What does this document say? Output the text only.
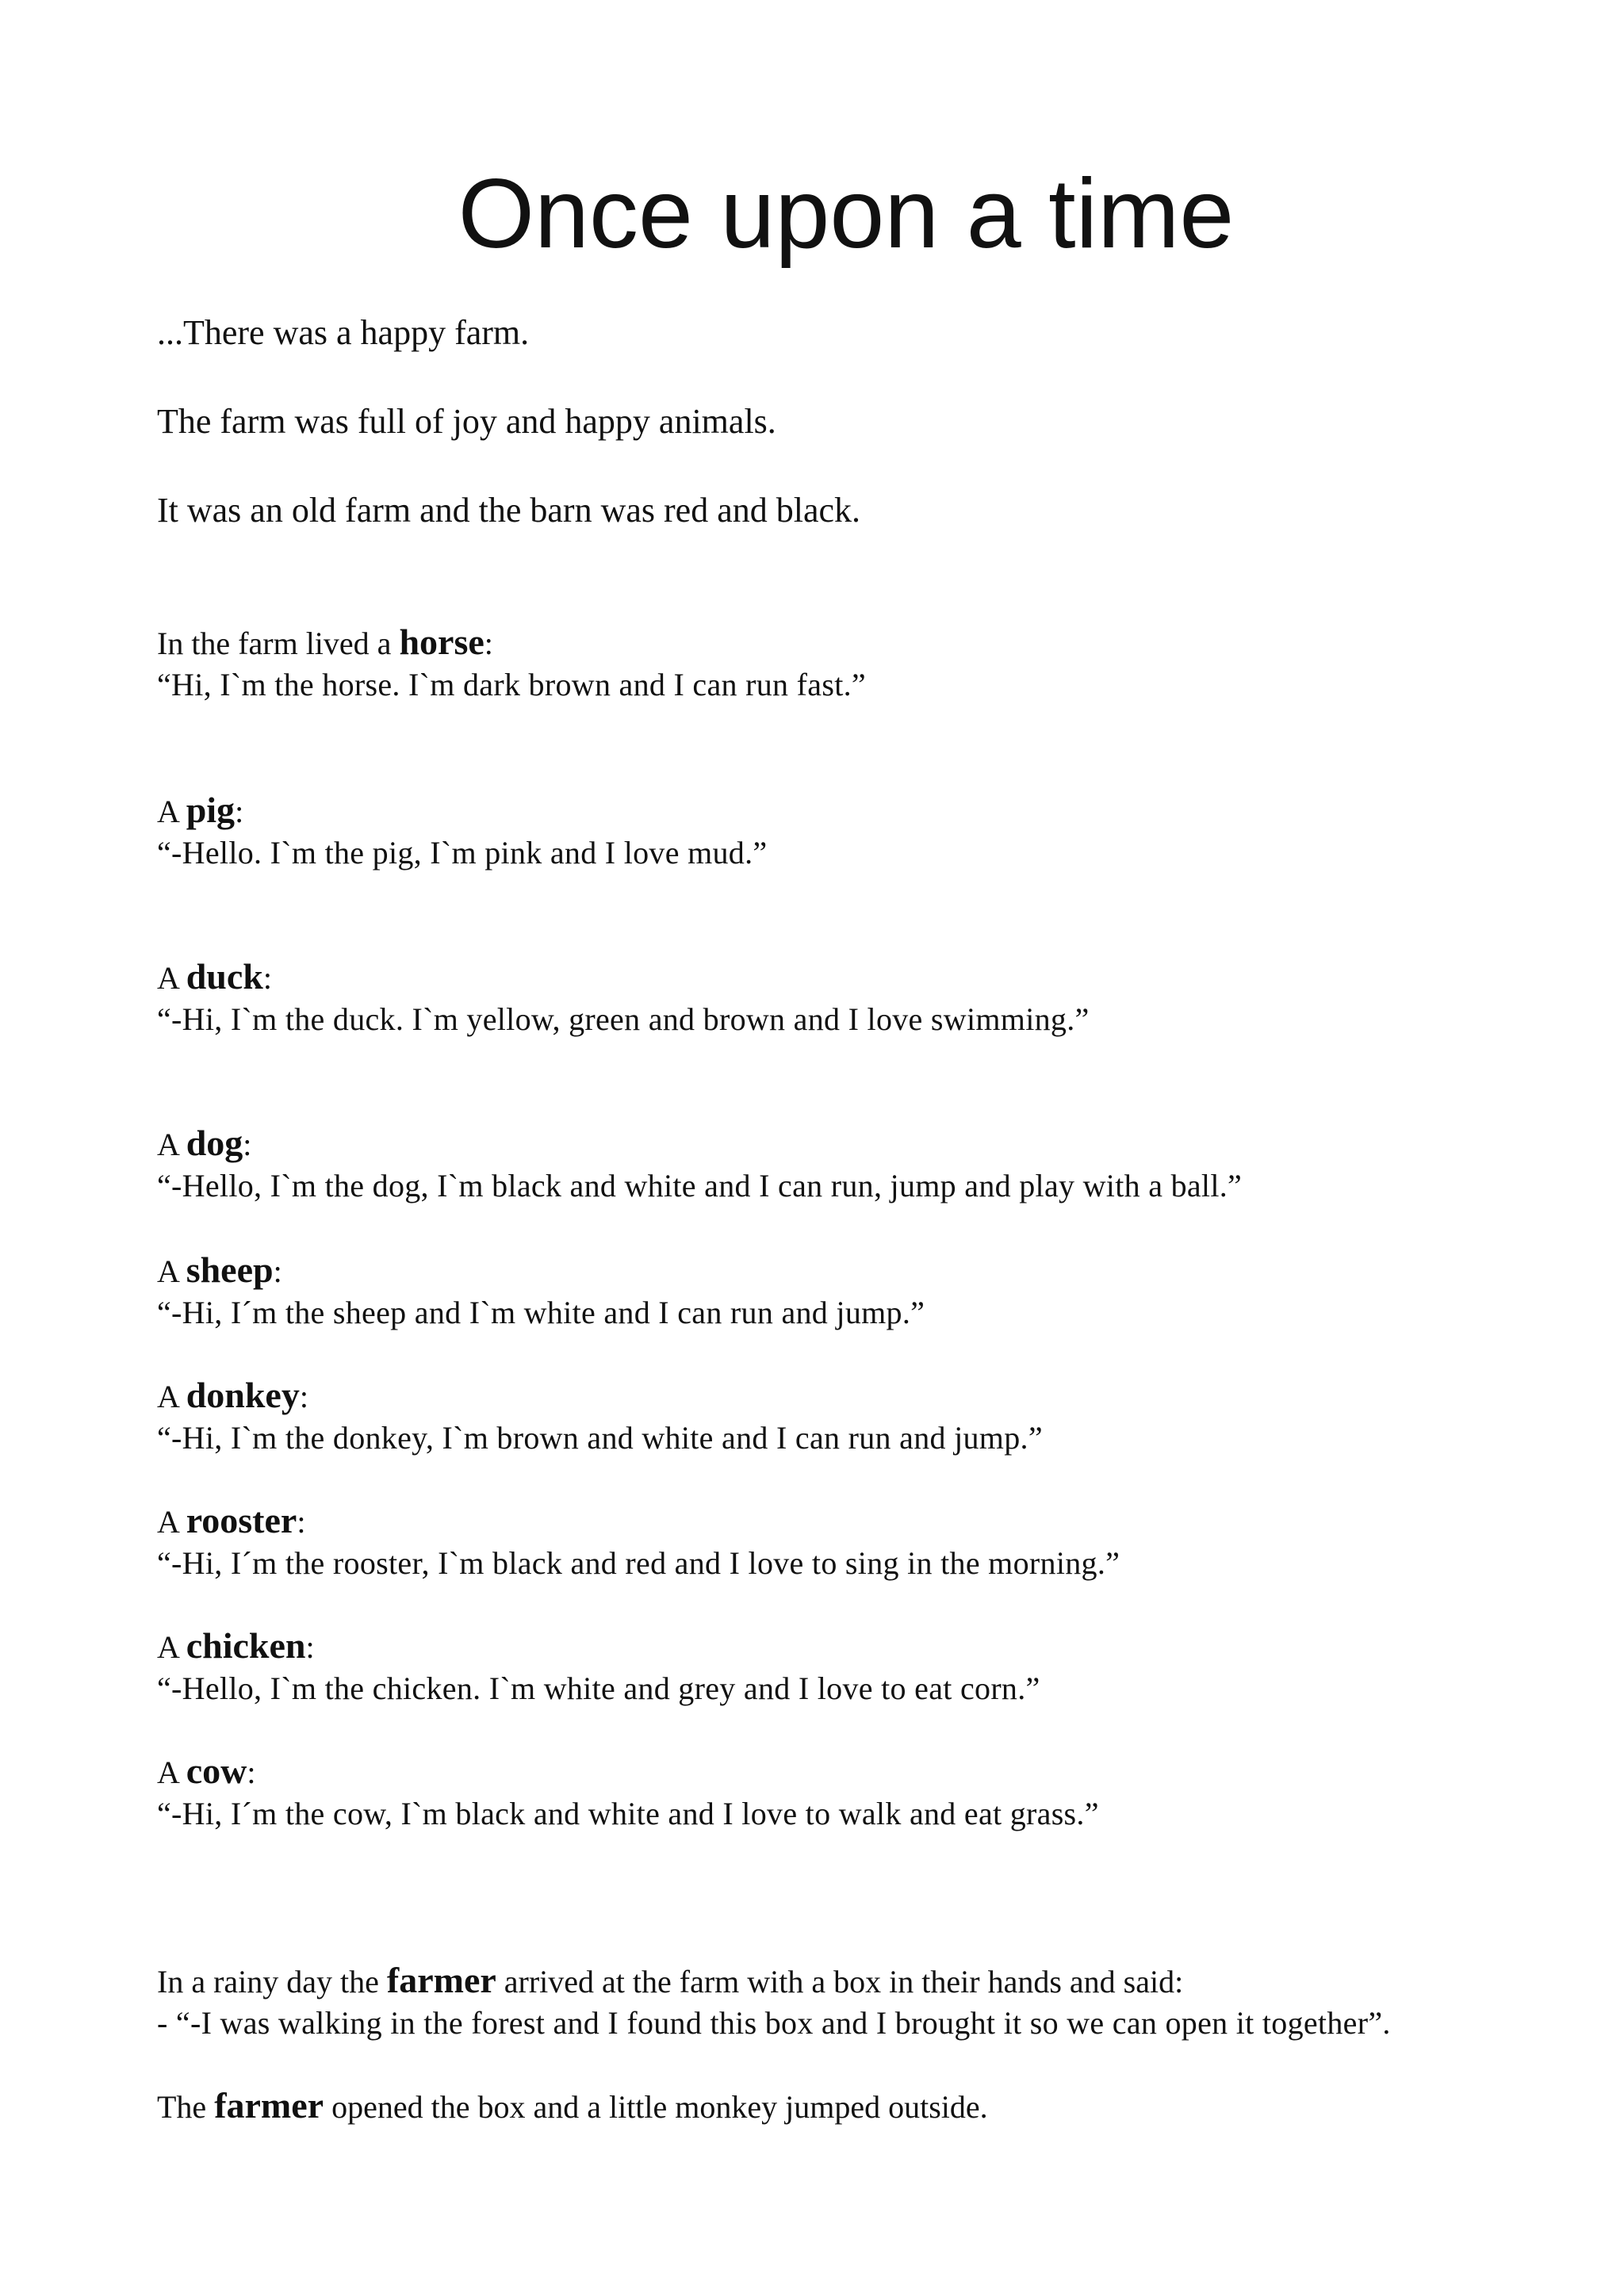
Once upon a time

...There was a happy farm.

The farm was full of joy and happy animals.

It was an old farm and the barn was red and black.

In the farm lived a horse:
“Hi, I`m the horse. I`m dark brown and I can run fast.”
A pig:
“-Hello. I`m the pig, I`m pink and I love mud.”
A duck:
“-Hi, I`m the duck. I`m yellow, green and brown and I love swimming.”
A dog:
“-Hello, I`m the dog, I`m black and white and I can run, jump and play with a ball.”
A sheep:
“-Hi, I´m the sheep and I`m white and I can run and jump.”
A donkey:
“-Hi, I`m the donkey, I`m brown and white and I can run and jump.”
A rooster:
“-Hi, I´m the rooster, I`m black and red and I love to sing in the morning.”
A chicken:
“-Hello, I`m the chicken. I`m white and grey and I love to eat corn.”
A cow:
“-Hi, I´m the cow, I`m black and white and I love to walk and eat grass.”
In a rainy day the farmer arrived at the farm with a box in their hands and said:
- “-I was walking in the forest and I found this box and I brought it so we can open it together”.
The farmer opened the box and a little monkey jumped outside.
